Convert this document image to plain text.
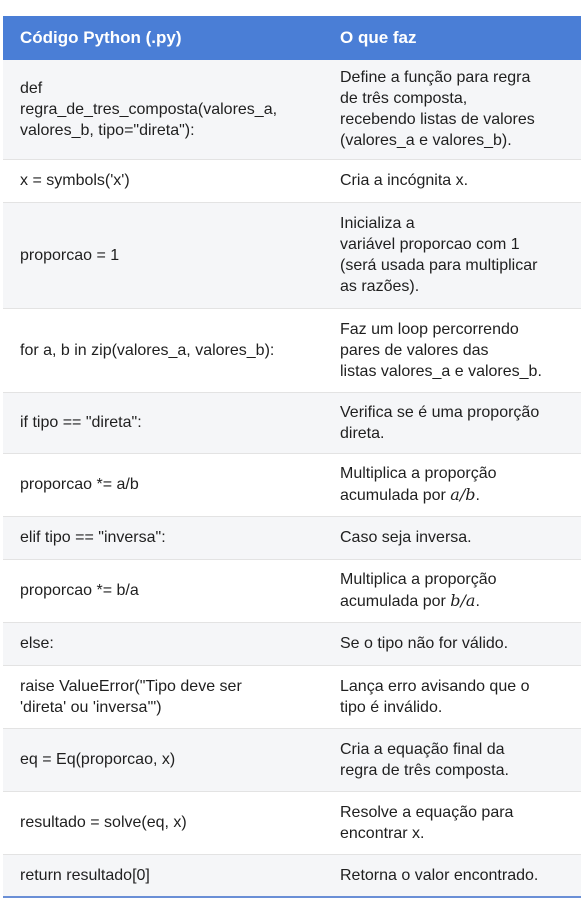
Código Python (.py)	O que faz
def
regra_de_tres_composta(valores_a,
valores_b, tipo="direta"):	Define a função para regra
de três composta,
recebendo listas de valores
(valores_a e valores_b).
x = symbols('x')	Cria a incógnita x.
proporcao = 1	Inicializa a
variável proporcao com 1
(será usada para multiplicar
as razões).
for a, b in zip(valores_a, valores_b):	Faz um loop percorrendo
pares de valores das
listas valores_a e valores_b.
if tipo == "direta":	Verifica se é uma proporção
direta.
proporcao *= a/b	Multiplica a proporção
acumulada por a/b.
elif tipo == "inversa":	Caso seja inversa.
proporcao *= b/a	Multiplica a proporção
acumulada por b/a.
else:	Se o tipo não for válido.
raise ValueError("Tipo deve ser
'direta' ou 'inversa'")	Lança erro avisando que o
tipo é inválido.
eq = Eq(proporcao, x)	Cria a equação final da
regra de três composta.
resultado = solve(eq, x)	Resolve a equação para
encontrar x.
return resultado[0]	Retorna o valor encontrado.
